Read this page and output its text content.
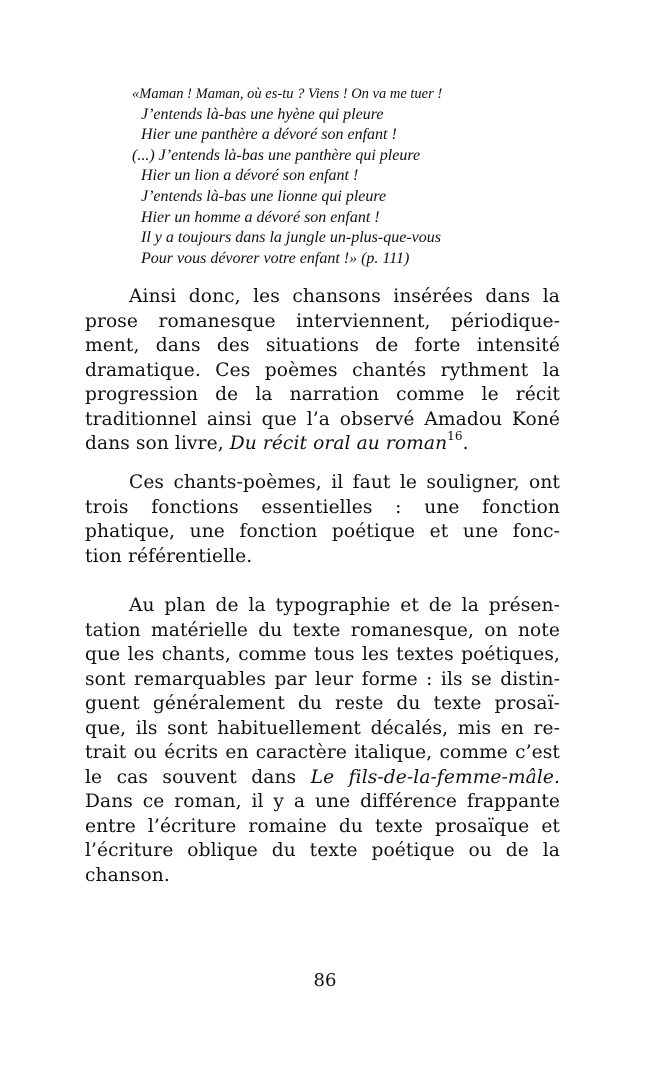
«Maman ! Maman, où es-tu ? Viens ! On va me tuer !
J’entends là-bas une hyène qui pleure
Hier une panthère a dévoré son enfant !
(...) J’entends là-bas une panthère qui pleure
Hier un lion a dévoré son enfant !
J’entends là-bas une lionne qui pleure
Hier un homme a dévoré son enfant !
Il y a toujours dans la jungle un-plus-que-vous
Pour vous dévorer votre enfant !» (p. 111)
Ainsi donc, les chansons insérées dans la
prose romanesque interviennent, périodique-
ment, dans des situations de forte intensité
dramatique. Ces poèmes chantés rythment la
progression de la narration comme le récit
traditionnel ainsi que l’a observé Amadou Koné
dans son livre, Du récit oral au roman$^{16}$.
Ces chants-poèmes, il faut le souligner, ont
trois fonctions essentielles : une fonction
phatique, une fonction poétique et une fonc-
tion référentielle.
Au plan de la typographie et de la présen-
tation matérielle du texte romanesque, on note
que les chants, comme tous les textes poétiques,
sont remarquables par leur forme : ils se distin-
guent généralement du reste du texte prosaï-
que, ils sont habituellement décalés, mis en re-
trait ou écrits en caractère italique, comme c’est
le cas souvent dans Le fils-de-la-femme-mâle.
Dans ce roman, il y a une différence frappante
entre l’écriture romaine du texte prosaïque et
l’écriture oblique du texte poétique ou de la
chanson.
86
